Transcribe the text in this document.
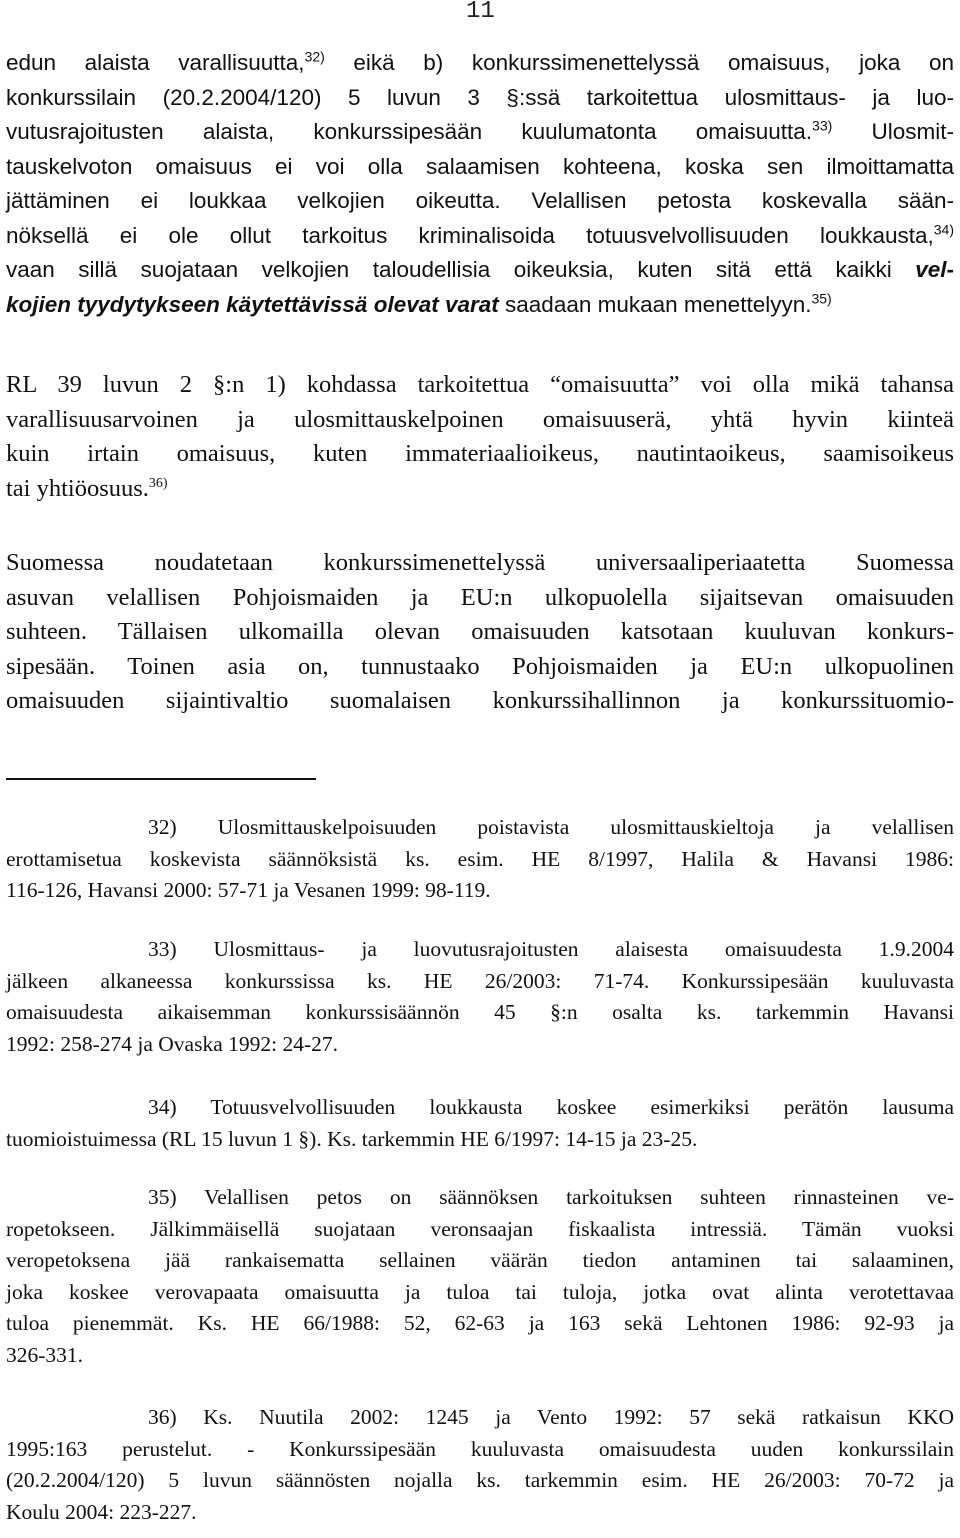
11
edun alaista varallisuutta,$^{32)}$ eikä b) konkurssimenettelyssä omaisuus, joka on
konkurssilain (20.2.2004/120) 5 luvun 3 §:ssä tarkoitettua ulosmittaus- ja luo-
vutusrajoitusten alaista, konkurssipesään kuulumatonta omaisuutta.$^{33)}$ Ulosmit-
tauskelvoton omaisuus ei voi olla salaamisen kohteena, koska sen ilmoittamatta
jättäminen ei loukkaa velkojien oikeutta. Velallisen petosta koskevalla sään-
nöksellä ei ole ollut tarkoitus kriminalisoida totuusvelvollisuuden loukkausta,$^{34)}$
vaan sillä suojataan velkojien taloudellisia oikeuksia, kuten sitä että kaikki vel-
kojien tyydytykseen käytettävissä olevat varat saadaan mukaan menettelyyn.$^{35)}$
RL 39 luvun 2 §:n 1) kohdassa tarkoitettua “omaisuutta” voi olla mikä tahansa
varallisuusarvoinen ja ulosmittauskelpoinen omaisuuserä, yhtä hyvin kiinteä
kuin irtain omaisuus, kuten immateriaalioikeus, nautintaoikeus, saamisoikeus
tai yhtiöosuus.$^{36)}$
Suomessa noudatetaan konkurssimenettelyssä universaaliperiaatetta Suomessa
asuvan velallisen Pohjoismaiden ja EU:n ulkopuolella sijaitsevan omaisuuden
suhteen. Tällaisen ulkomailla olevan omaisuuden katsotaan kuuluvan konkurs-
sipesään. Toinen asia on, tunnustaako Pohjoismaiden ja EU:n ulkopuolinen
omaisuuden sijaintivaltio suomalaisen konkurssihallinnon ja konkurssituomio-
32) Ulosmittauskelpoisuuden poistavista ulosmittauskieltoja ja velallisen
erottamisetua koskevista säännöksistä ks. esim. HE 8/1997, Halila & Havansi 1986:
116-126, Havansi 2000: 57-71 ja Vesanen 1999: 98-119.
33) Ulosmittaus- ja luovutusrajoitusten alaisesta omaisuudesta 1.9.2004
jälkeen alkaneessa konkurssissa ks. HE 26/2003: 71-74. Konkurssipesään kuuluvasta
omaisuudesta aikaisemman konkurssisäännön 45 §:n osalta ks. tarkemmin Havansi
1992: 258-274 ja Ovaska 1992: 24-27.
34) Totuusvelvollisuuden loukkausta koskee esimerkiksi perätön lausuma
tuomioistuimessa (RL 15 luvun 1 §). Ks. tarkemmin HE 6/1997: 14-15 ja 23-25.
35) Velallisen petos on säännöksen tarkoituksen suhteen rinnasteinen ve-
ropetokseen. Jälkimmäisellä suojataan veronsaajan fiskaalista intressiä. Tämän vuoksi
veropetoksena jää rankaisematta sellainen väärän tiedon antaminen tai salaaminen,
joka koskee verovapaata omaisuutta ja tuloa tai tuloja, jotka ovat alinta verotettavaa
tuloa pienemmät. Ks. HE 66/1988: 52, 62-63 ja 163 sekä Lehtonen 1986: 92-93 ja
326-331.
36) Ks. Nuutila 2002: 1245 ja Vento 1992: 57 sekä ratkaisun KKO
1995:163 perustelut. - Konkurssipesään kuuluvasta omaisuudesta uuden konkurssilain
(20.2.2004/120) 5 luvun säännösten nojalla ks. tarkemmin esim. HE 26/2003: 70-72 ja
Koulu 2004: 223-227.
